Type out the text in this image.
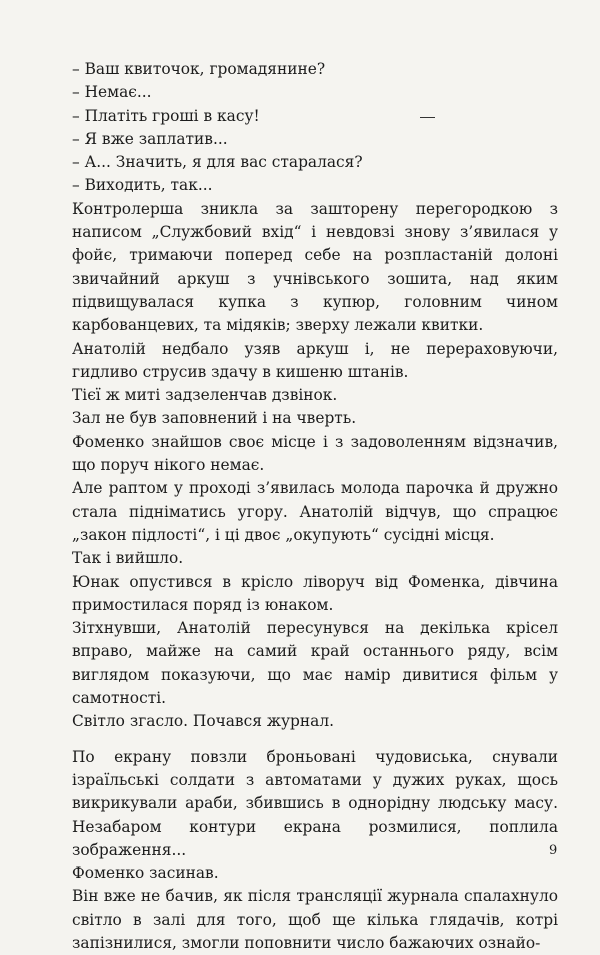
– Ваш квиточок, громадянине?

– Немає...

– Платіть гроші в касу!

– Я вже заплатив...

– А... Значить, я для вас старалася?

– Виходить, так...

Контролерша зникла за зашторену перегородкою з написом „Службовий вхід“ і невдовзі знову з’явилася у фойє, тримаючи поперед себе на розпластаній долоні звичайний аркуш з учнівського зошита, над яким підвищувалася купка з купюр, головним чином карбованцевих, та мідяків; зверху лежали квитки.

Анатолій недбало узяв аркуш і, не перераховуючи, гидливо струсив здачу в кишеню штанів.

Тієї ж миті задзеленчав дзвінок.

Зал не був заповнений і на чверть.

Фоменко знайшов своє місце і з задоволенням відзначив, що поруч нікого немає.

Але раптом у проході з’явилась молода парочка й дружно стала підніматись угору. Анатолій відчув, що спрацює „закон підлості“, і ці двоє „окупують“ сусідні місця.

Так і вийшло.

Юнак опустився в крісло ліворуч від Фоменка, дівчина примостилася поряд із юнаком.

Зітхнувши, Анатолій пересунувся на декілька крісел вправо, майже на самий край останнього ряду, всім виглядом показуючи, що має намір дивитися фільм у самотності.

Світло згасло. Почався журнал.

По екрану повзли броньовані чудовиська, снували ізраїльські солдати з автоматами у дужих руках, щось викрикували араби, збившись в однорідну людську масу. Незабаром контури екрана розмилися, поплила зображення...

Фоменко засинав.

Він вже не бачив, як після трансляції журнала спалахнуло світло в залі для того, щоб ще кілька глядачів, котрі запізнилися, змогли поповнити число бажаючих ознайо-

9
